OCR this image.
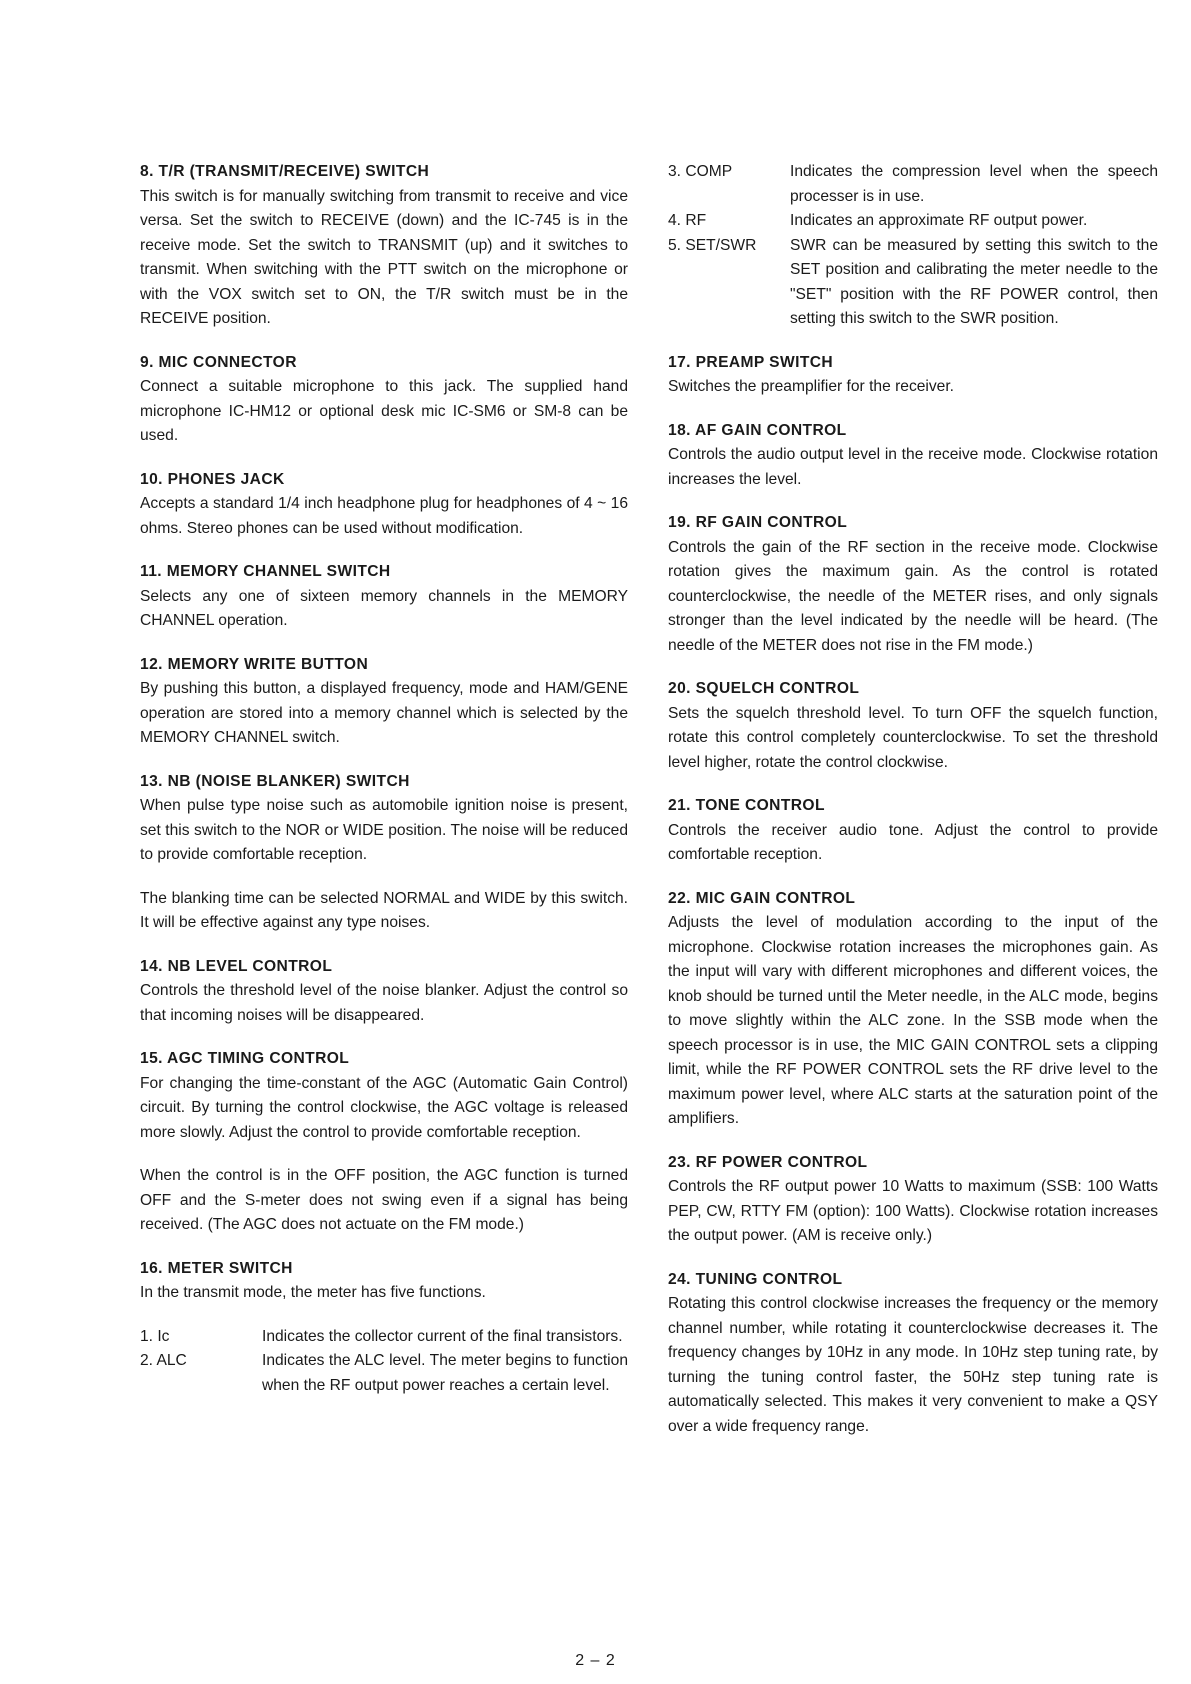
8. T/R (TRANSMIT/RECEIVE) SWITCH
This switch is for manually switching from transmit to receive and vice versa. Set the switch to RECEIVE (down) and the IC-745 is in the receive mode. Set the switch to TRANSMIT (up) and it switches to transmit. When switching with the PTT switch on the microphone or with the VOX switch set to ON, the T/R switch must be in the RECEIVE position.
9. MIC CONNECTOR
Connect a suitable microphone to this jack. The supplied hand microphone IC-HM12 or optional desk mic IC-SM6 or SM-8 can be used.
10. PHONES JACK
Accepts a standard 1/4 inch headphone plug for headphones of 4 ~ 16 ohms. Stereo phones can be used without modification.
11. MEMORY CHANNEL SWITCH
Selects any one of sixteen memory channels in the MEMORY CHANNEL operation.
12. MEMORY WRITE BUTTON
By pushing this button, a displayed frequency, mode and HAM/GENE operation are stored into a memory channel which is selected by the MEMORY CHANNEL switch.
13. NB (NOISE BLANKER) SWITCH
When pulse type noise such as automobile ignition noise is present, set this switch to the NOR or WIDE position. The noise will be reduced to provide comfortable reception.
The blanking time can be selected NORMAL and WIDE by this switch. It will be effective against any type noises.
14. NB LEVEL CONTROL
Controls the threshold level of the noise blanker. Adjust the control so that incoming noises will be disappeared.
15. AGC TIMING CONTROL
For changing the time-constant of the AGC (Automatic Gain Control) circuit. By turning the control clockwise, the AGC voltage is released more slowly. Adjust the control to provide comfortable reception.
When the control is in the OFF position, the AGC function is turned OFF and the S-meter does not swing even if a signal has being received. (The AGC does not actuate on the FM mode.)
16. METER SWITCH
In the transmit mode, the meter has five functions.
1. Ic	Indicates the collector current of the final transistors.
2. ALC	Indicates the ALC level. The meter begins to function when the RF output power reaches a certain level.
3. COMP	Indicates the compression level when the speech processer is in use.
4. RF	Indicates an approximate RF output power.
5. SET/SWR	SWR can be measured by setting this switch to the SET position and calibrating the meter needle to the "SET" position with the RF POWER control, then setting this switch to the SWR position.
17. PREAMP SWITCH
Switches the preamplifier for the receiver.
18. AF GAIN CONTROL
Controls the audio output level in the receive mode. Clockwise rotation increases the level.
19. RF GAIN CONTROL
Controls the gain of the RF section in the receive mode. Clockwise rotation gives the maximum gain. As the control is rotated counterclockwise, the needle of the METER rises, and only signals stronger than the level indicated by the needle will be heard. (The needle of the METER does not rise in the FM mode.)
20. SQUELCH CONTROL
Sets the squelch threshold level. To turn OFF the squelch function, rotate this control completely counterclockwise. To set the threshold level higher, rotate the control clockwise.
21. TONE CONTROL
Controls the receiver audio tone. Adjust the control to provide comfortable reception.
22. MIC GAIN CONTROL
Adjusts the level of modulation according to the input of the microphone. Clockwise rotation increases the microphones gain. As the input will vary with different microphones and different voices, the knob should be turned until the Meter needle, in the ALC mode, begins to move slightly within the ALC zone. In the SSB mode when the speech processor is in use, the MIC GAIN CONTROL sets a clipping limit, while the RF POWER CONTROL sets the RF drive level to the maximum power level, where ALC starts at the saturation point of the amplifiers.
23. RF POWER CONTROL
Controls the RF output power 10 Watts to maximum (SSB: 100 Watts PEP, CW, RTTY FM (option): 100 Watts). Clockwise rotation increases the output power. (AM is receive only.)
24. TUNING CONTROL
Rotating this control clockwise increases the frequency or the memory channel number, while rotating it counterclockwise decreases it. The frequency changes by 10Hz in any mode. In 10Hz step tuning rate, by turning the tuning control faster, the 50Hz step tuning rate is automatically selected. This makes it very convenient to make a QSY over a wide frequency range.
2 – 2
